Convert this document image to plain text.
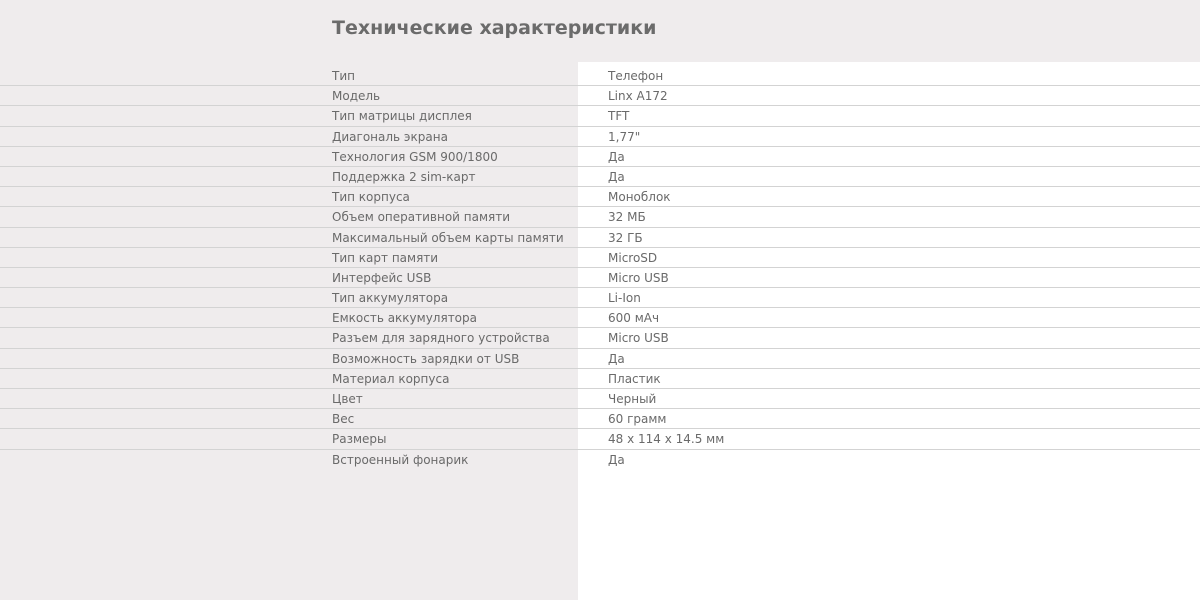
Технические характеристики
Тип	Телефон
Модель	Linx A172
Тип матрицы дисплея	TFT
Диагональ экрана	1,77"
Технология GSM 900/1800	Да
Поддержка 2 sim-карт	Да
Тип корпуса	Моноблок
Объем оперативной памяти	32 МБ
Максимальный объем карты памяти	32 ГБ
Тип карт памяти	MicroSD
Интерфейс USB	Micro USB
Тип аккумулятора	Li-Ion
Емкость аккумулятора	600 мАч
Разъем для зарядного устройства	Micro USB
Возможность зарядки от USB	Да
Материал корпуса	Пластик
Цвет	Черный
Вес	60 грамм
Размеры	48 x 114 x 14.5 мм
Встроенный фонарик	Да
